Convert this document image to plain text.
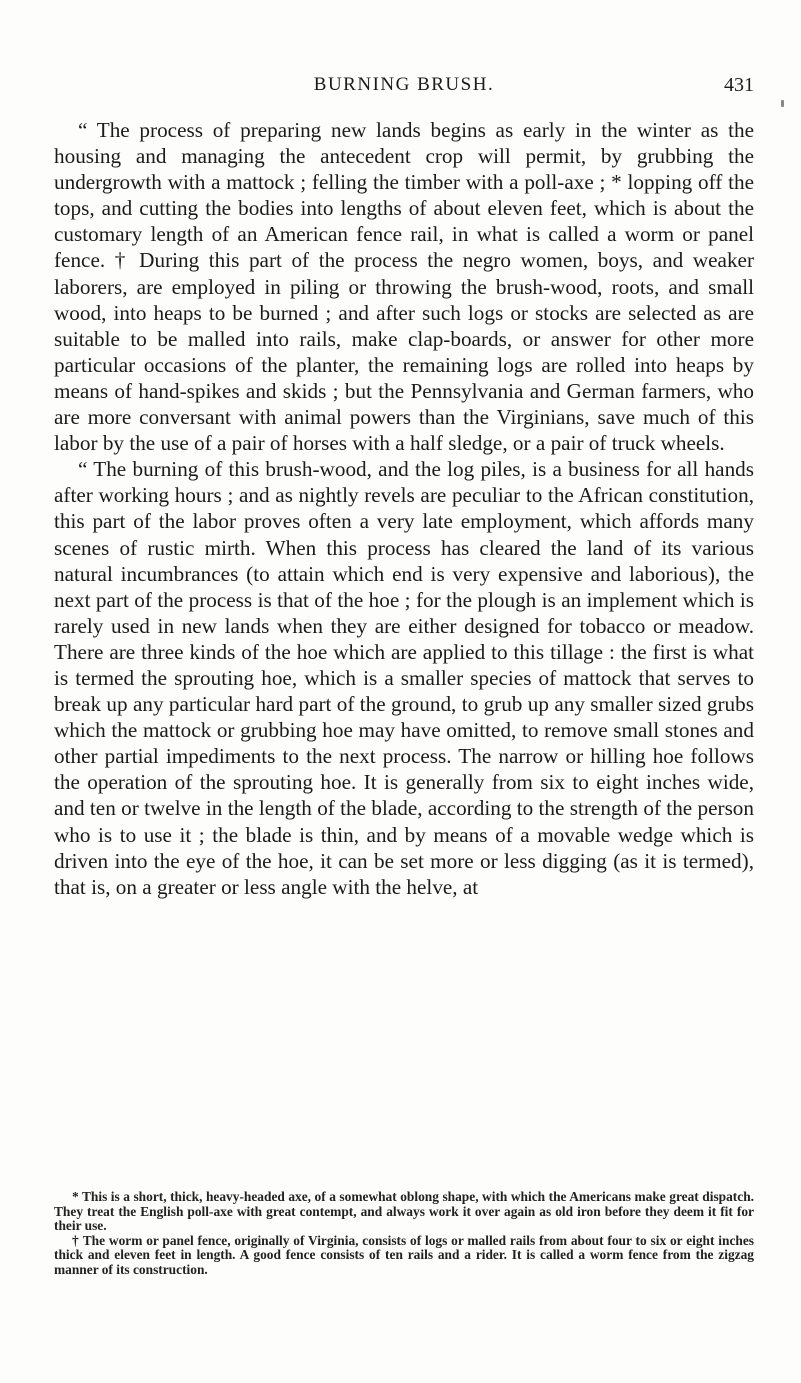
BURNING BRUSH.	431

“ The process of preparing new lands begins as early in the winter as the housing and managing the antecedent crop will permit, by grubbing the undergrowth with a mattock ; felling the timber with a poll-axe ; * lopping off the tops, and cutting the bodies into lengths of about eleven feet, which is about the customary length of an American fence rail, in what is called a worm or panel fence. † During this part of the process the negro women, boys, and weaker laborers, are employed in piling or throwing the brush-wood, roots, and small wood, into heaps to be burned ; and after such logs or stocks are selected as are suitable to be malled into rails, make clap-boards, or answer for other more particular occasions of the planter, the remaining logs are rolled into heaps by means of hand-spikes and skids ; but the Pennsylvania and German farmers, who are more conversant with animal powers than the Virginians, save much of this labor by the use of a pair of horses with a half sledge, or a pair of truck wheels.

“ The burning of this brush-wood, and the log piles, is a business for all hands after working hours ; and as nightly revels are peculiar to the African constitution, this part of the labor proves often a very late employment, which affords many scenes of rustic mirth. When this process has cleared the land of its various natural incumbrances (to attain which end is very expensive and laborious), the next part of the process is that of the hoe ; for the plough is an implement which is rarely used in new lands when they are either designed for tobacco or meadow. There are three kinds of the hoe which are applied to this tillage : the first is what is termed the sprouting hoe, which is a smaller species of mattock that serves to break up any particular hard part of the ground, to grub up any smaller sized grubs which the mattock or grubbing hoe may have omitted, to remove small stones and other partial impediments to the next process. The narrow or hilling hoe follows the operation of the sprouting hoe. It is generally from six to eight inches wide, and ten or twelve in the length of the blade, according to the strength of the person who is to use it ; the blade is thin, and by means of a movable wedge which is driven into the eye of the hoe, it can be set more or less digging (as it is termed), that is, on a greater or less angle with the helve, at

* This is a short, thick, heavy-headed axe, of a somewhat oblong shape, with which the Americans make great dispatch. They treat the English poll-axe with great contempt, and always work it over again as old iron before they deem it fit for their use.

† The worm or panel fence, originally of Virginia, consists of logs or malled rails from about four to six or eight inches thick and eleven feet in length. A good fence consists of ten rails and a rider. It is called a worm fence from the zigzag manner of its construction.
